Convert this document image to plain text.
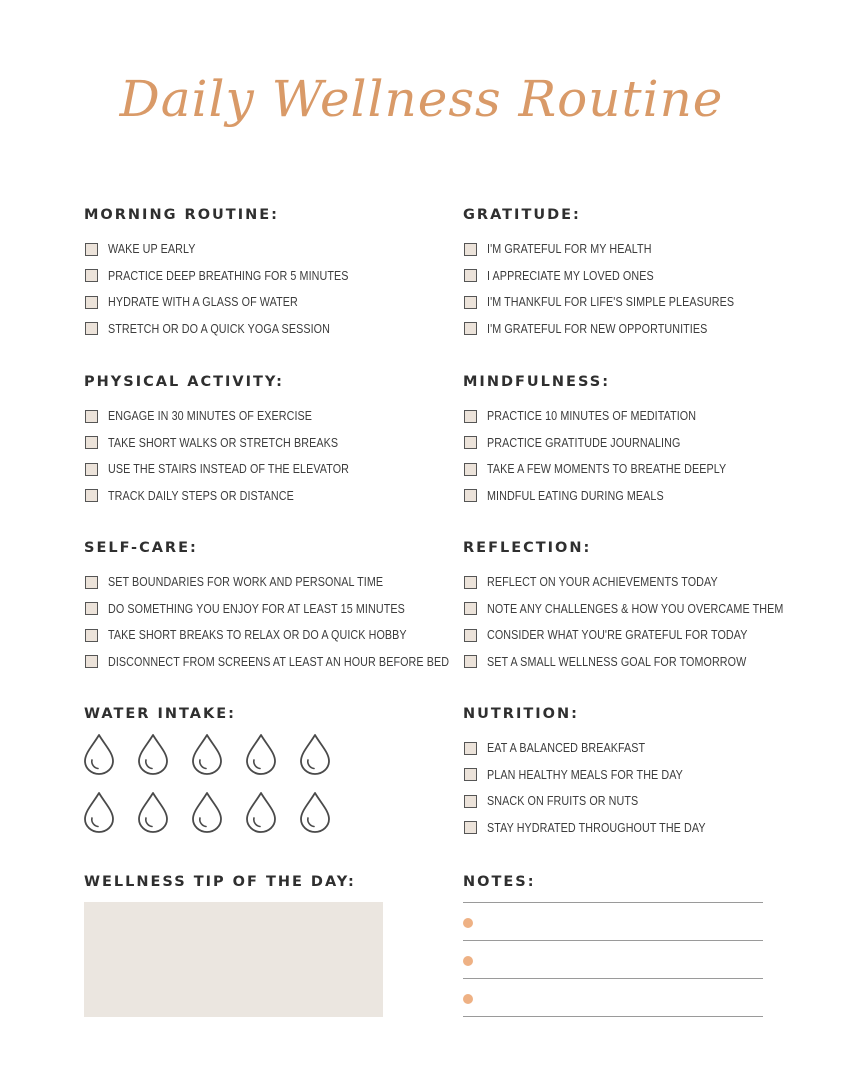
Daily Wellness Routine
MORNING ROUTINE:
WAKE UP EARLY
PRACTICE DEEP BREATHING FOR 5 MINUTES
HYDRATE WITH A GLASS OF WATER
STRETCH OR DO A QUICK YOGA SESSION
GRATITUDE:
I'M GRATEFUL FOR MY HEALTH
I APPRECIATE MY LOVED ONES
I'M THANKFUL FOR LIFE'S SIMPLE PLEASURES
I'M GRATEFUL FOR NEW OPPORTUNITIES
PHYSICAL ACTIVITY:
ENGAGE IN 30 MINUTES OF EXERCISE
TAKE SHORT WALKS OR STRETCH BREAKS
USE THE STAIRS INSTEAD OF THE ELEVATOR
TRACK DAILY STEPS OR DISTANCE
MINDFULNESS:
PRACTICE 10 MINUTES OF MEDITATION
PRACTICE GRATITUDE JOURNALING
TAKE A FEW MOMENTS TO BREATHE DEEPLY
MINDFUL EATING DURING MEALS
SELF-CARE:
SET BOUNDARIES FOR WORK AND PERSONAL TIME
DO SOMETHING YOU ENJOY FOR AT LEAST 15 MINUTES
TAKE SHORT BREAKS TO RELAX OR DO A QUICK HOBBY
DISCONNECT FROM SCREENS AT LEAST AN HOUR BEFORE BED
REFLECTION:
REFLECT ON YOUR ACHIEVEMENTS TODAY
NOTE ANY CHALLENGES & HOW YOU OVERCAME THEM
CONSIDER WHAT YOU'RE GRATEFUL FOR TODAY
SET A SMALL WELLNESS GOAL FOR TOMORROW
WATER INTAKE:	NUTRITION:
EAT A BALANCED BREAKFAST
PLAN HEALTHY MEALS FOR THE DAY
SNACK ON FRUITS OR NUTS
STAY HYDRATED THROUGHOUT THE DAY
WELLNESS TIP OF THE DAY:	NOTES:
